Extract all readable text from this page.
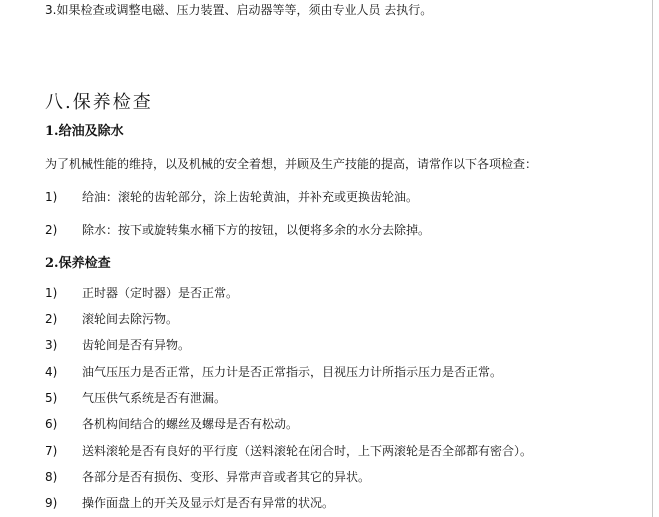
3.如果检查或调整电磁、压力装置、启动器等等，须由专业人员 去执行。
八.保养检查
1.给油及除水
为了机械性能的维持，以及机械的安全着想，并顾及生产技能的提高，请常作以下各项检查：
1) 给油：滚轮的齿轮部分，涂上齿轮黄油，并补充或更换齿轮油。
2) 除水：按下或旋转集水桶下方的按钮，以便将多余的水分去除掉。
2.保养检查
1) 正时器（定时器）是否正常。
2) 滚轮间去除污物。
3) 齿轮间是否有异物。
4) 油气压压力是否正常，压力计是否正常指示，目视压力计所指示压力是否正常。
5) 气压供气系统是否有泄漏。
6) 各机构间结合的螺丝及螺母是否有松动。
7) 送料滚轮是否有良好的平行度（送料滚轮在闭合时，上下两滚轮是否全部都有密合）。
8) 各部分是否有损伤、变形、异常声音或者其它的异状。
9) 操作面盘上的开关及显示灯是否有异常的状况。
